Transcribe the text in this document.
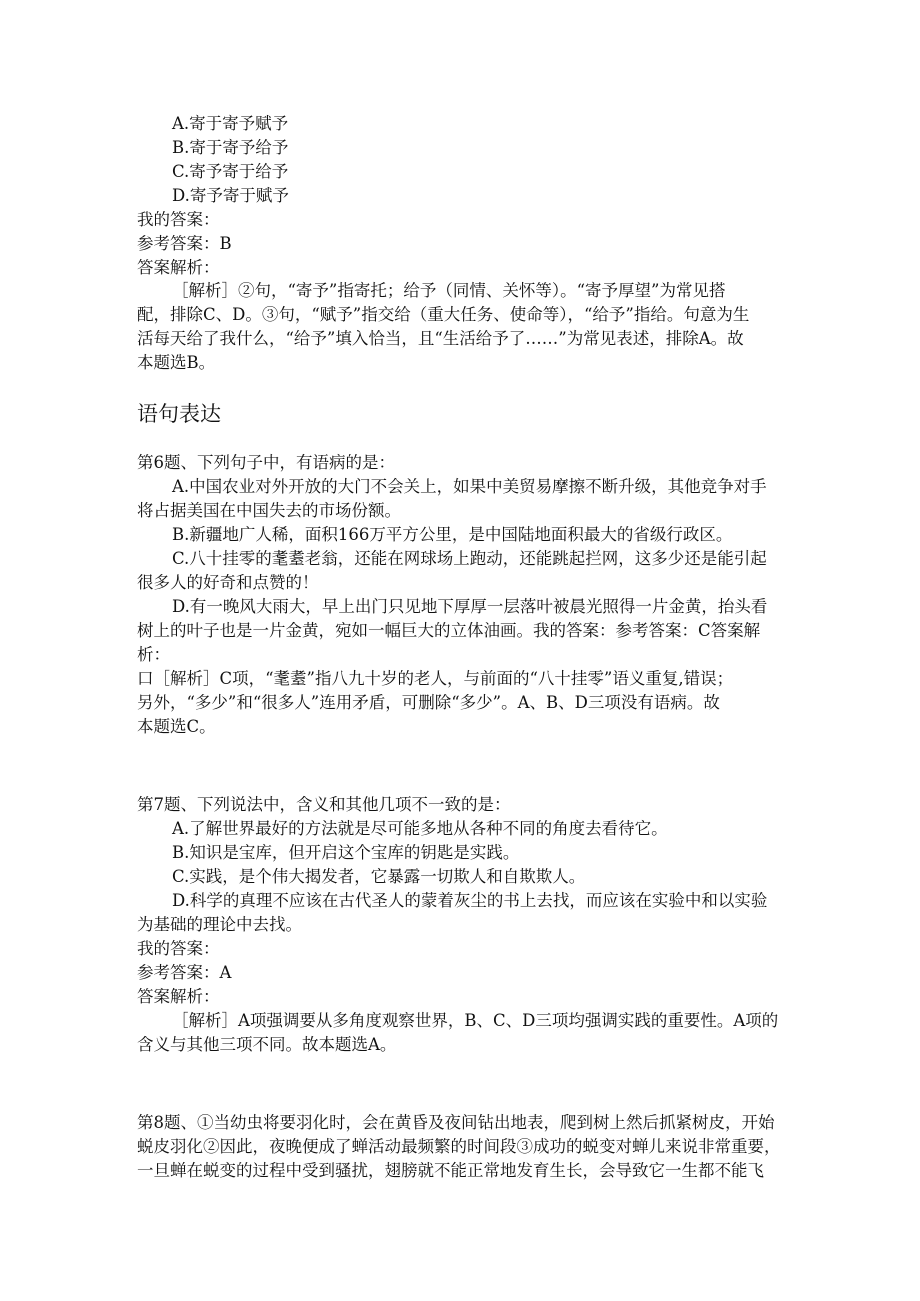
A.寄于寄予赋予
B.寄于寄予给予
C.寄予寄于给予
D.寄予寄于赋予
我的答案：
参考答案：B
答案解析：
［解析］②句，“寄予”指寄托；给予（同情、关怀等）。“寄予厚望”为常见搭
配，排除C、D。③句，“赋予”指交给（重大任务、使命等），“给予”指给。句意为生
活每天给了我什么，“给予”填入恰当，且“生活给予了……”为常见表述，排除A。故
本题选B。
语句表达
第6题、下列句子中，有语病的是：
A.中国农业对外开放的大门不会关上，如果中美贸易摩擦不断升级，其他竞争对手
将占据美国在中国失去的市场份额。
B.新疆地广人稀，面积166万平方公里，是中国陆地面积最大的省级行政区。
C.八十挂零的耄耋老翁，还能在网球场上跑动，还能跳起拦网，这多少还是能引起
很多人的好奇和点赞的！
D.有一晚风大雨大，早上出门只见地下厚厚一层落叶被晨光照得一片金黄，抬头看
树上的叶子也是一片金黄，宛如一幅巨大的立体油画。我的答案：参考答案：C答案解
析：
口［解析］C项，“耄耋”指八九十岁的老人，与前面的“八十挂零”语义重复,错误；
另外，“多少”和“很多人”连用矛盾，可删除“多少”。A、B、D三项没有语病。故
本题选C。
第7题、下列说法中，含义和其他几项不一致的是：
A.了解世界最好的方法就是尽可能多地从各种不同的角度去看待它。
B.知识是宝库，但开启这个宝库的钥匙是实践。
C.实践，是个伟大揭发者，它暴露一切欺人和自欺欺人。
D.科学的真理不应该在古代圣人的蒙着灰尘的书上去找，而应该在实验中和以实验
为基础的理论中去找。
我的答案：
参考答案：A
答案解析：
［解析］A项强调要从多角度观察世界，B、C、D三项均强调实践的重要性。A项的
含义与其他三项不同。故本题选A。
第8题、①当幼虫将要羽化时，会在黄昏及夜间钻出地表，爬到树上然后抓紧树皮，开始
蜕皮羽化②因此，夜晚便成了蝉活动最频繁的时间段③成功的蜕变对蝉儿来说非常重要，
一旦蝉在蜕变的过程中受到骚扰，翅膀就不能正常地发育生长，会导致它一生都不能飞
